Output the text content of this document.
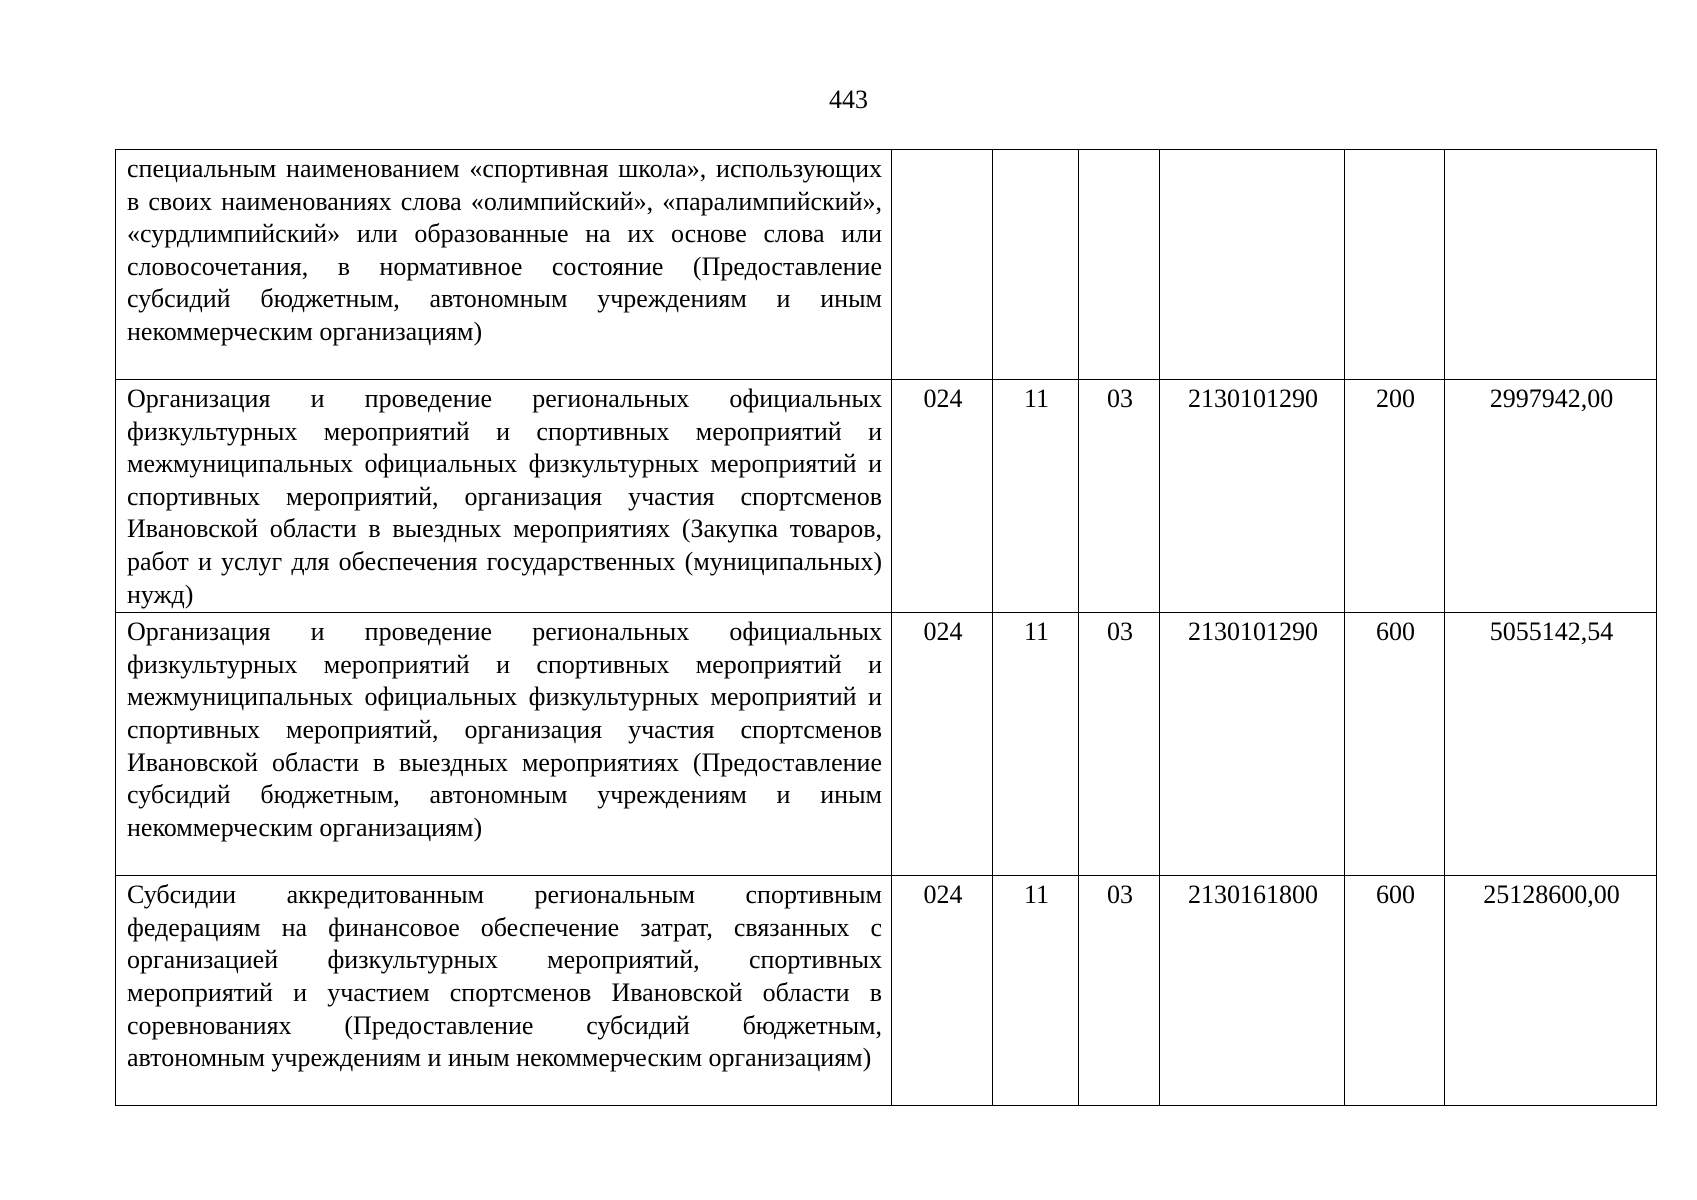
443
специальным наименованием «спортивная школа», использующих в своих наименованиях слова «олимпийский», «паралимпийский», «сурдлимпийский» или образованные на их основе слова или словосочетания, в нормативное состояние (Предоставление субсидий бюджетным, автономным учреждениям и иным некоммерческим организациям)						
Организация и проведение региональных официальных физкультурных мероприятий и спортивных мероприятий и межмуниципальных официальных физкультурных мероприятий и спортивных мероприятий, организация участия спортсменов Ивановской области в выездных мероприятиях (Закупка товаров, работ и услуг для обеспечения государственных (муниципальных) нужд)	024	11	03	2130101290	200	2997942,00
Организация и проведение региональных официальных физкультурных мероприятий и спортивных мероприятий и межмуниципальных официальных физкультурных мероприятий и спортивных мероприятий, организация участия спортсменов Ивановской области в выездных мероприятиях (Предоставление субсидий бюджетным, автономным учреждениям и иным некоммерческим организациям)	024	11	03	2130101290	600	5055142,54
Субсидии аккредитованным региональным спортивным федерациям на финансовое обеспечение затрат, связанных с организацией физкультурных мероприятий, спортивных мероприятий и участием спортсменов Ивановской области в соревнованиях (Предоставление субсидий бюджетным, автономным учреждениям и иным некоммерческим организациям)	024	11	03	2130161800	600	25128600,00
